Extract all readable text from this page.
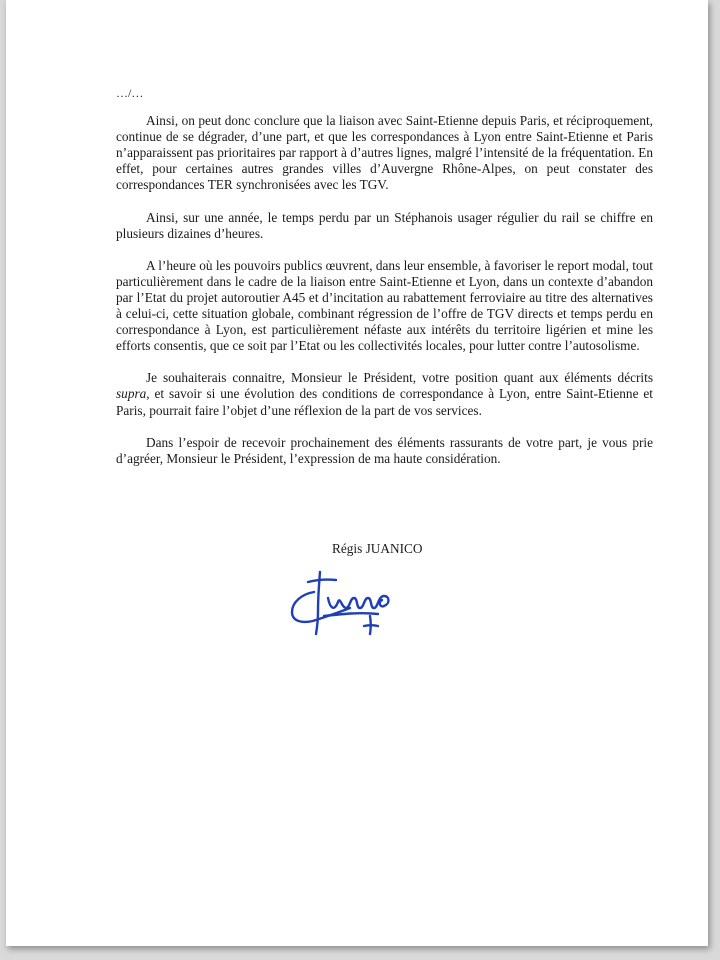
…/…

Ainsi, on peut donc conclure que la liaison avec Saint-Etienne depuis Paris, et réciproquement, continue de se dégrader, d’une part, et que les correspondances à Lyon entre Saint-Etienne et Paris n’apparaissent pas prioritaires par rapport à d’autres lignes, malgré l’intensité de la fréquentation. En effet, pour certaines autres grandes villes d’Auvergne Rhône-Alpes, on peut constater des correspondances TER synchronisées avec les TGV.

Ainsi, sur une année, le temps perdu par un Stéphanois usager régulier du rail se chiffre en plusieurs dizaines d’heures.

A l’heure où les pouvoirs publics œuvrent, dans leur ensemble, à favoriser le report modal, tout particulièrement dans le cadre de la liaison entre Saint-Etienne et Lyon, dans un contexte d’abandon par l’Etat du projet autoroutier A45 et d’incitation au rabattement ferroviaire au titre des alternatives à celui-ci, cette situation globale, combinant régression de l’offre de TGV directs et temps perdu en correspondance à Lyon, est particulièrement néfaste aux intérêts du territoire ligérien et mine les efforts consentis, que ce soit par l’Etat ou les collectivités locales, pour lutter contre l’autosolisme.

Je souhaiterais connaitre, Monsieur le Président, votre position quant aux éléments décrits supra, et savoir si une évolution des conditions de correspondance à Lyon, entre Saint-Etienne et Paris, pourrait faire l’objet d’une réflexion de la part de vos services.

Dans l’espoir de recevoir prochainement des éléments rassurants de votre part, je vous prie d’agréer, Monsieur le Président, l’expression de ma haute considération.

Régis JUANICO
